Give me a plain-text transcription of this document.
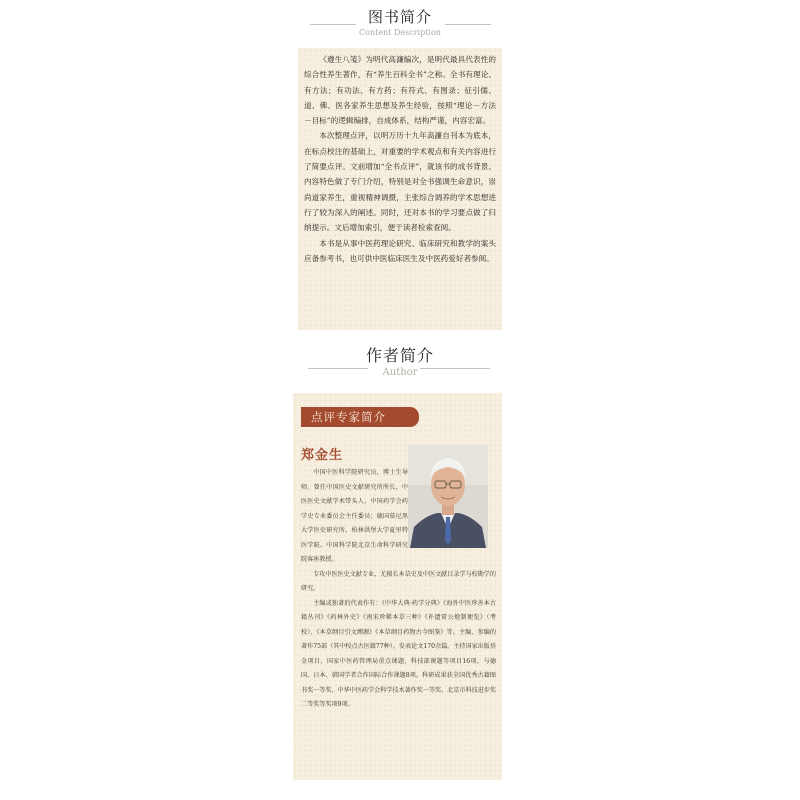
图书简介
Content Description

《遵生八笺》为明代高濂编次，是明代最具代表性的综合性养生著作，有“养生百科全书”之称。全书有理论、有方法；有功法、有方药；有符式、有图录；征引儒、道、佛、医各家养生思想及养生经验，按照“理论－方法－目标”的逻辑编排，自成体系，结构严谨，内容宏富。

本次整理点评，以明万历十九年高濂自刊本为底本，在标点校注的基础上，对重要的学术观点和有关内容进行了简要点评。文前增加“全书点评”，就该书的成书背景、内容特色做了专门介绍，特别是对全书强调生命意识，崇尚道家养生，重视精神调摄，主张综合调养的学术思想进行了较为深入的阐述。同时，还对本书的学习要点做了归纳提示。文后增加索引，便于读者检索查阅。

本书是从事中医药理论研究、临床研究和教学的案头应备参考书，也可供中医临床医生及中医药爱好者参阅。

作者简介
Author
点评专家简介
郑金生

中国中医科学院研究员，博士生导师。曾任中国医史文献研究所所长、中医医史文献学术带头人、中国药学会药学史专业委员会主任委员；德国慕尼黑大学医史研究所、柏林洪堡大学夏里特医学院、中国科学院北京生命科学研究院客座教授。

专攻中医医史文献专业，尤擅长本草史及中医文献目录学与校勘学的研究。

主编或独著的代表作有：《中华大典·药学分典》《海外中医珍善本古籍丛刊》《药林外史》《南宋珍稀本草三种》《补遗雷公炮制便览》（考校）、《本草纲目引文溯源》《本草纲目药物古今图鉴》等。主编、参编的著作75部（其中校点古医籍77种）。发表论文170余篇。主持国家出版基金项目、国家中医药管理局重点课题、科技部课题等项目16项。与德国、日本、韩国学者合作国际合作课题8项。科研成果获全国优秀古籍图书奖一等奖、中华中医药学会科学技术著作奖一等奖、北京市科技进步奖二等奖等奖项9项。
